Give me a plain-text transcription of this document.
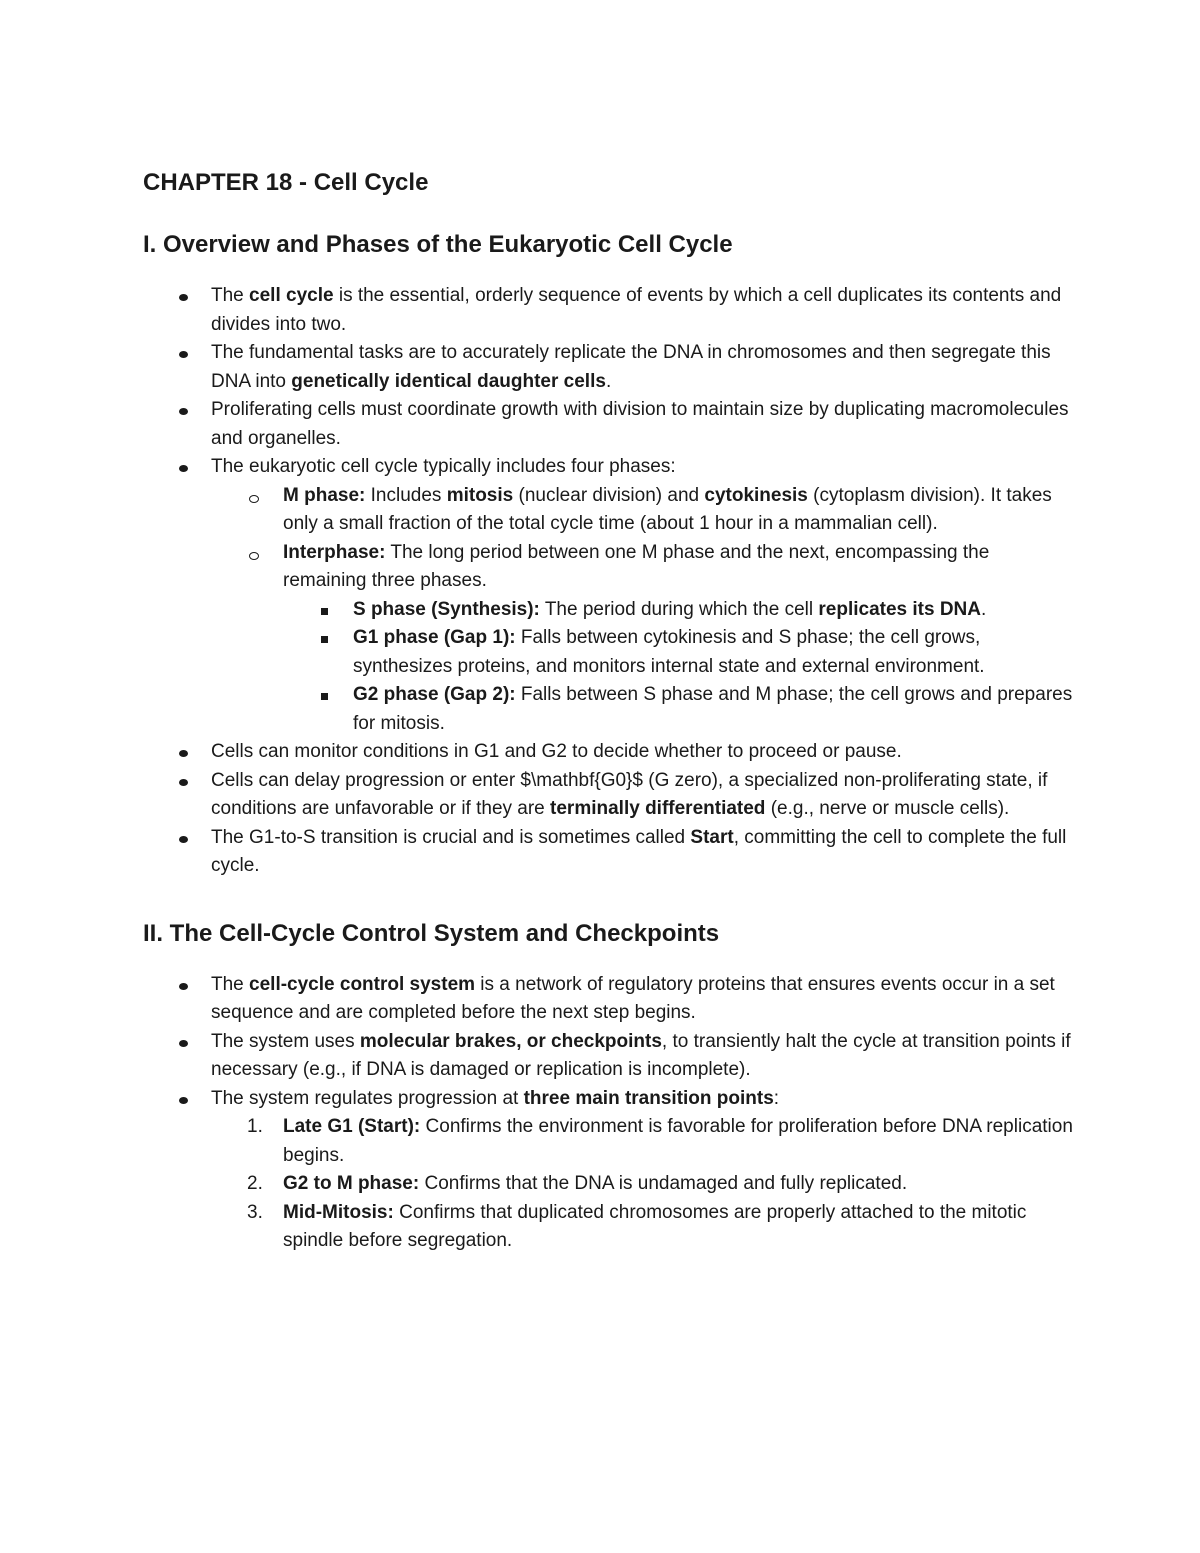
CHAPTER 18 - Cell Cycle
I. Overview and Phases of the Eukaryotic Cell Cycle
The cell cycle is the essential, orderly sequence of events by which a cell duplicates its contents and divides into two.
The fundamental tasks are to accurately replicate the DNA in chromosomes and then segregate this DNA into genetically identical daughter cells.
Proliferating cells must coordinate growth with division to maintain size by duplicating macromolecules and organelles.
The eukaryotic cell cycle typically includes four phases:
M phase: Includes mitosis (nuclear division) and cytokinesis (cytoplasm division). It takes only a small fraction of the total cycle time (about 1 hour in a mammalian cell).
Interphase: The long period between one M phase and the next, encompassing the remaining three phases.
S phase (Synthesis): The period during which the cell replicates its DNA.
G1 phase (Gap 1): Falls between cytokinesis and S phase; the cell grows, synthesizes proteins, and monitors internal state and external environment.
G2 phase (Gap 2): Falls between S phase and M phase; the cell grows and prepares for mitosis.
Cells can monitor conditions in G1 and G2 to decide whether to proceed or pause.
Cells can delay progression or enter $\mathbf{G0}$ (G zero), a specialized non-proliferating state, if conditions are unfavorable or if they are terminally differentiated (e.g., nerve or muscle cells).
The G1-to-S transition is crucial and is sometimes called Start, committing the cell to complete the full cycle.
II. The Cell-Cycle Control System and Checkpoints
The cell-cycle control system is a network of regulatory proteins that ensures events occur in a set sequence and are completed before the next step begins.
The system uses molecular brakes, or checkpoints, to transiently halt the cycle at transition points if necessary (e.g., if DNA is damaged or replication is incomplete).
The system regulates progression at three main transition points:
1. Late G1 (Start): Confirms the environment is favorable for proliferation before DNA replication begins.
2. G2 to M phase: Confirms that the DNA is undamaged and fully replicated.
3. Mid-Mitosis: Confirms that duplicated chromosomes are properly attached to the mitotic spindle before segregation.
